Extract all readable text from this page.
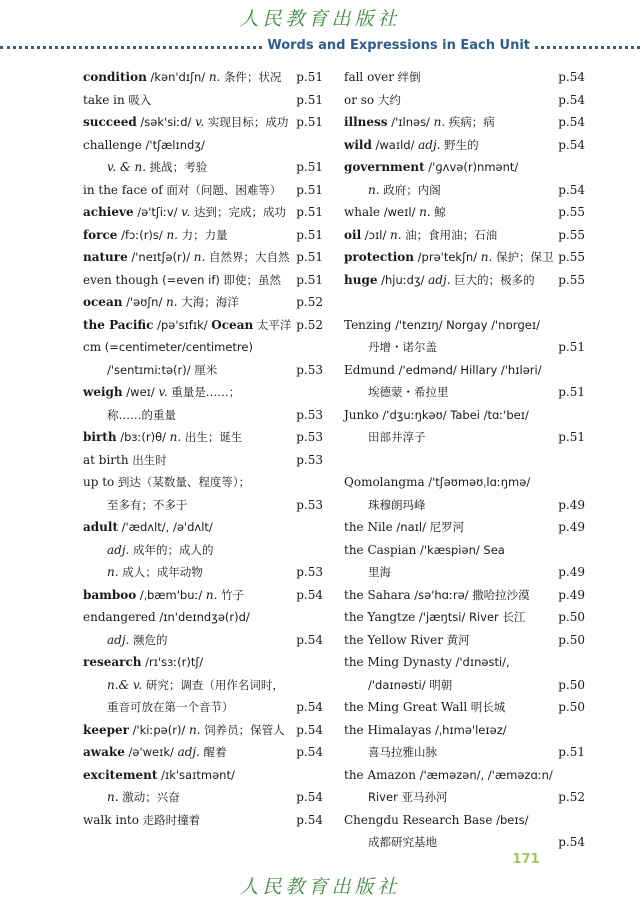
人民教育出版社
Words and Expressions in Each Unit
condition /kən'dɪʃn/ n. 条件；状况 p.51
take in 吸入	p.51
succeed /sək'siːd/ v. 实现目标；成功 p.51
challenge /'tʃælɪndʒ/
v. & n. 挑战；考验	p.51
in the face of 面对（问题、困难等） p.51
achieve /ə'tʃiːv/ v. 达到；完成；成功 p.51
force /fɔː(r)s/ n. 力；力量	p.51
nature /'neɪtʃə(r)/ n. 自然界；大自然 p.51
even though (=even if) 即使；虽然 p.51
ocean /'əʊʃn/ n. 大海；海洋	p.52
the Pacific /pə'sɪfɪk/ Ocean 太平洋 p.52
cm (=centimeter/centimetre)
/'sentɪmiːtə(r)/ 厘米	p.53
weigh /weɪ/ v. 重量是……；
称……的重量	p.53
birth /bɜː(r)θ/ n. 出生；诞生	p.53
at birth 出生时	p.53
up to 到达（某数量、程度等）；
至多有；不多于	p.53
adult /'ædʌlt/, /ə'dʌlt/
adj. 成年的；成人的
n. 成人；成年动物	p.53
bamboo /ˌbæm'buː/ n. 竹子	p.54
endangered /ɪn'deɪndʒə(r)d/
adj. 濒危的	p.54
research /rɪ'sɜː(r)tʃ/
n.& v. 研究；调查（用作名词时，
重音可放在第一个音节）	p.54
keeper /'kiːpə(r)/ n. 饲养员；保管人 p.54
awake /ə'weɪk/ adj. 醒着	p.54
excitement /ɪk'saɪtmənt/
n. 激动；兴奋	p.54
walk into 走路时撞着	p.54
fall over 绊倒	p.54
or so 大约	p.54
illness /'ɪlnəs/ n. 疾病；病	p.54
wild /waɪld/ adj. 野生的	p.54
government /'ɡʌvə(r)nmənt/
n. 政府；内阁	p.54
whale /weɪl/ n. 鲸	p.55
oil /ɔɪl/ n. 油；食用油；石油	p.55
protection /prə'tekʃn/ n. 保护；保卫 p.55
huge /hjuːdʒ/ adj. 巨大的；极多的 p.55
Tenzing /'tenzɪŋ/ Norgay /'nɒrɡeɪ/
丹增・诺尔盖	p.51
Edmund /'edmənd/ Hillary /'hɪləri/
埃德蒙・希拉里	p.51
Junko /'dʒuːŋkəʊ/ Tabei /tɑː'beɪ/
田部井淳子	p.51
Qomolangma /'tʃəʊməʊˌlɑːŋmə/
珠穆朗玛峰	p.49
the Nile /naɪl/ 尼罗河	p.49
the Caspian /'kæspiən/ Sea
里海	p.49
the Sahara /sə'hɑːrə/ 撒哈拉沙漠 p.49
the Yangtze /'jæŋtsi/ River 长江	p.50
the Yellow River 黄河	p.50
the Ming Dynasty /'dɪnəsti/,
/'daɪnəsti/ 明朝	p.50
the Ming Great Wall 明长城	p.50
the Himalayas /ˌhɪmə'leɪəz/
喜马拉雅山脉	p.51
the Amazon /'æməzən/, /'æməzɑːn/
River 亚马孙河	p.52
Chengdu Research Base /beɪs/
成都研究基地	p.54
171
人民教育出版社
